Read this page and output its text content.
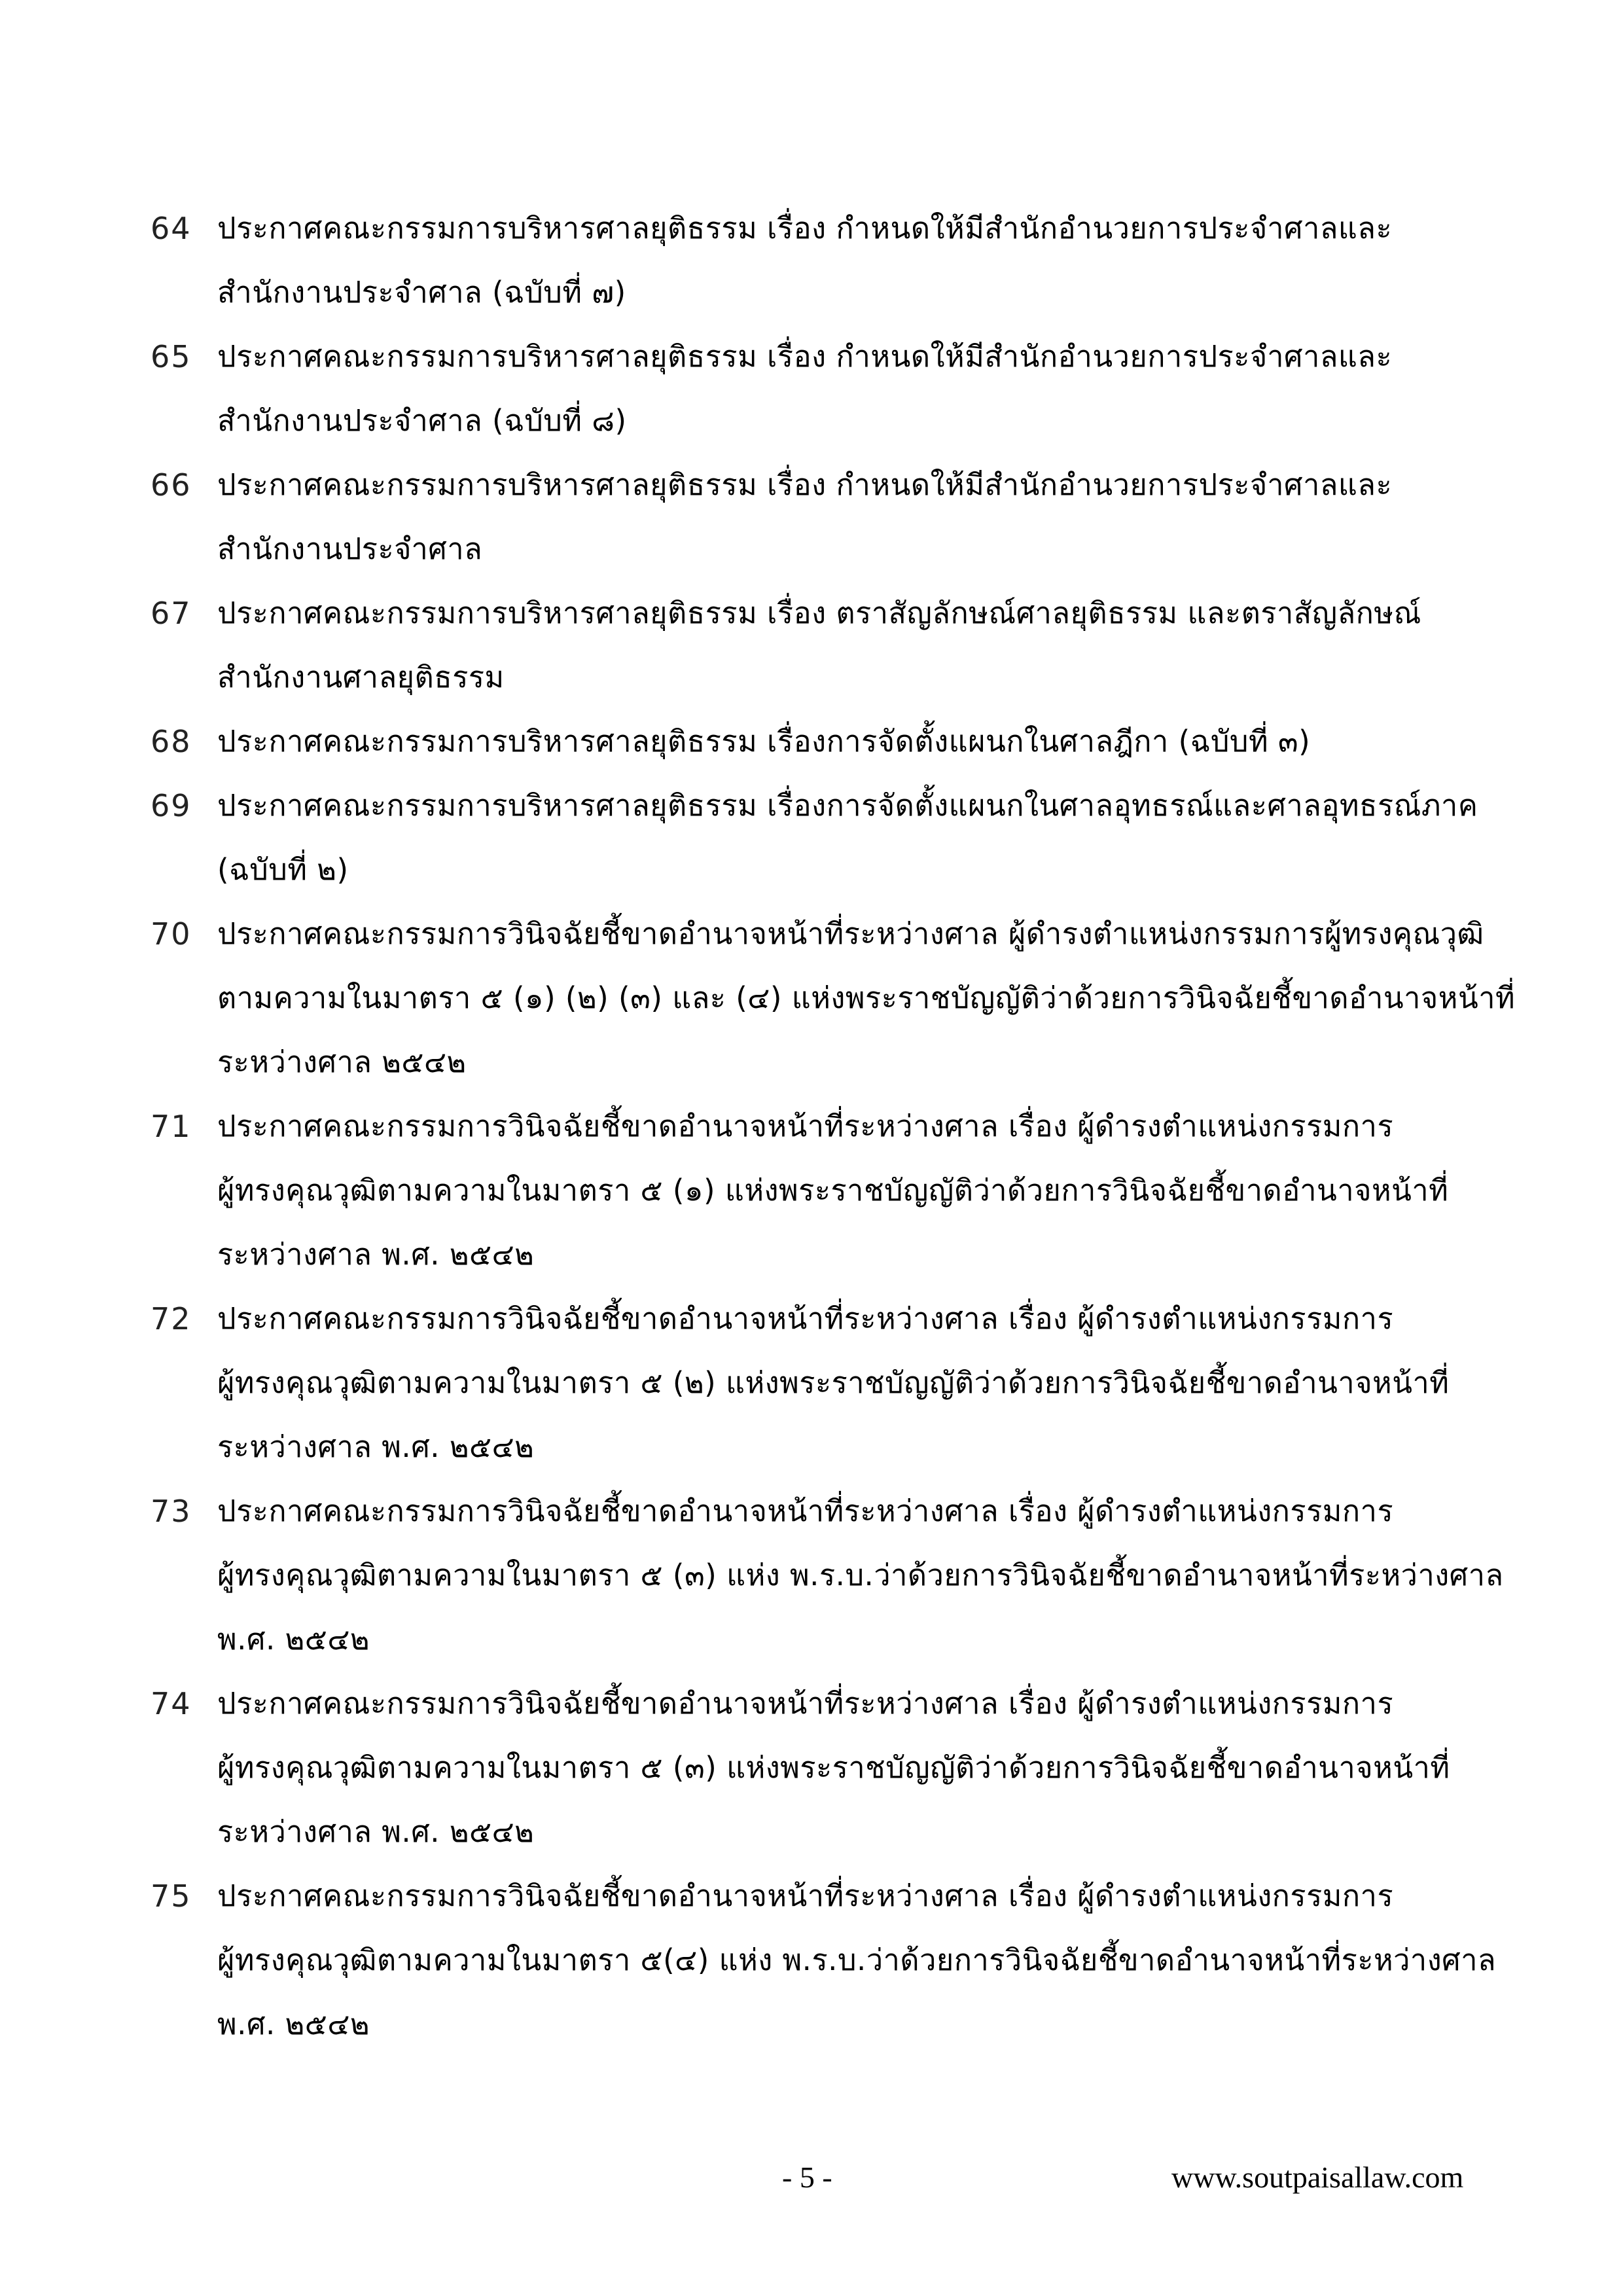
64 ประกาศคณะกรรมการบริหารศาลยุติธรรม เรื่อง กำหนดให้มีสำนักอำนวยการประจำศาลและ
สำนักงานประจำศาล (ฉบับที่ ๗)
65 ประกาศคณะกรรมการบริหารศาลยุติธรรม เรื่อง กำหนดให้มีสำนักอำนวยการประจำศาลและ
สำนักงานประจำศาล (ฉบับที่ ๘)
66 ประกาศคณะกรรมการบริหารศาลยุติธรรม เรื่อง กำหนดให้มีสำนักอำนวยการประจำศาลและ
สำนักงานประจำศาล
67 ประกาศคณะกรรมการบริหารศาลยุติธรรม เรื่อง ตราสัญลักษณ์ศาลยุติธรรม และตราสัญลักษณ์
สำนักงานศาลยุติธรรม
68 ประกาศคณะกรรมการบริหารศาลยุติธรรม เรื่องการจัดตั้งแผนกในศาลฎีกา (ฉบับที่ ๓)
69 ประกาศคณะกรรมการบริหารศาลยุติธรรม เรื่องการจัดตั้งแผนกในศาลอุทธรณ์และศาลอุทธรณ์ภาค
(ฉบับที่ ๒)
70 ประกาศคณะกรรมการวินิจฉัยชี้ขาดอำนาจหน้าที่ระหว่างศาล ผู้ดำรงตำแหน่งกรรมการผู้ทรงคุณวุฒิ
ตามความในมาตรา ๕ (๑) (๒) (๓) และ (๔) แห่งพระราชบัญญัติว่าด้วยการวินิจฉัยชี้ขาดอำนาจหน้าที่
ระหว่างศาล ๒๕๔๒
71 ประกาศคณะกรรมการวินิจฉัยชี้ขาดอำนาจหน้าที่ระหว่างศาล เรื่อง ผู้ดำรงตำแหน่งกรรมการ
ผู้ทรงคุณวุฒิตามความในมาตรา ๕ (๑) แห่งพระราชบัญญัติว่าด้วยการวินิจฉัยชี้ขาดอำนาจหน้าที่
ระหว่างศาล พ.ศ. ๒๕๔๒
72 ประกาศคณะกรรมการวินิจฉัยชี้ขาดอำนาจหน้าที่ระหว่างศาล เรื่อง ผู้ดำรงตำแหน่งกรรมการ
ผู้ทรงคุณวุฒิตามความในมาตรา ๕ (๒) แห่งพระราชบัญญัติว่าด้วยการวินิจฉัยชี้ขาดอำนาจหน้าที่
ระหว่างศาล พ.ศ. ๒๕๔๒
73 ประกาศคณะกรรมการวินิจฉัยชี้ขาดอำนาจหน้าที่ระหว่างศาล เรื่อง ผู้ดำรงตำแหน่งกรรมการ
ผู้ทรงคุณวุฒิตามความในมาตรา ๕ (๓) แห่ง พ.ร.บ.ว่าด้วยการวินิจฉัยชี้ขาดอำนาจหน้าที่ระหว่างศาล
พ.ศ. ๒๕๔๒
74 ประกาศคณะกรรมการวินิจฉัยชี้ขาดอำนาจหน้าที่ระหว่างศาล เรื่อง ผู้ดำรงตำแหน่งกรรมการ
ผู้ทรงคุณวุฒิตามความในมาตรา ๕ (๓) แห่งพระราชบัญญัติว่าด้วยการวินิจฉัยชี้ขาดอำนาจหน้าที่
ระหว่างศาล พ.ศ. ๒๕๔๒
75 ประกาศคณะกรรมการวินิจฉัยชี้ขาดอำนาจหน้าที่ระหว่างศาล เรื่อง ผู้ดำรงตำแหน่งกรรมการ
ผู้ทรงคุณวุฒิตามความในมาตรา ๕(๔) แห่ง พ.ร.บ.ว่าด้วยการวินิจฉัยชี้ขาดอำนาจหน้าที่ระหว่างศาล
พ.ศ. ๒๕๔๒
- 5 -	www.soutpaisallaw.com
